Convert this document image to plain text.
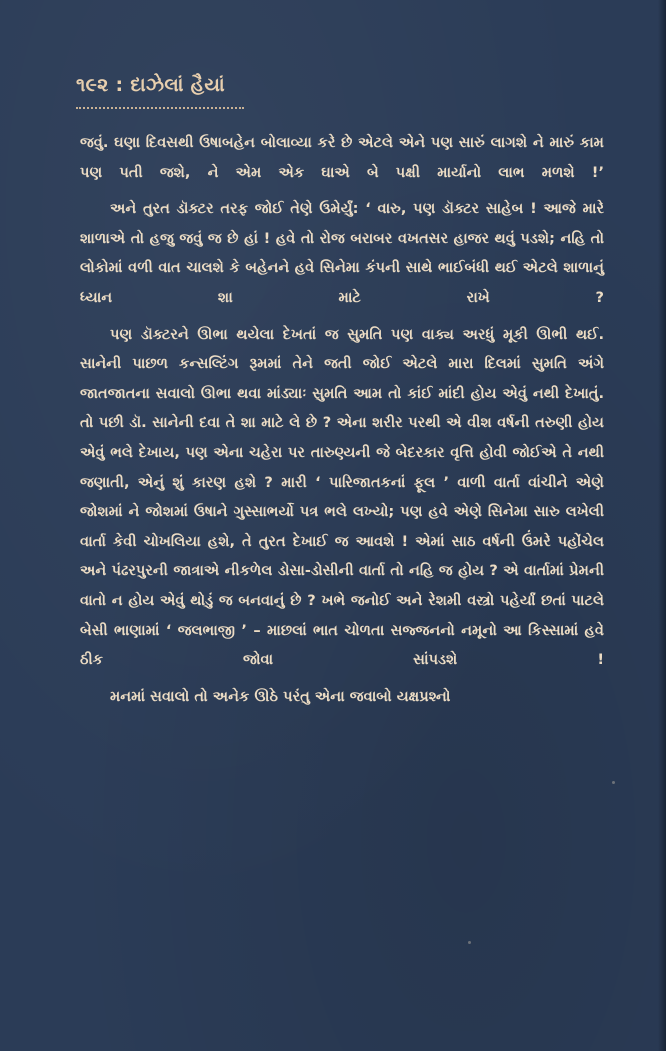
૧૯૨ : દાઝેલાં હૈયાં

જવું. ઘણા દિવસથી ઉષાબહેન બોલાવ્યા કરે છે એટલે એને પણ સારું લાગશે ને મારું કામ પણ પતી જશે, ને એમ એક ઘાએ બે પક્ષી માર્યાનો લાભ મળશે !’

અને તુરત ડૉક્ટર તરફ જોઈ તેણે ઉમેર્યું: ‘ વારુ, પણ ડૉક્ટર સાહેબ ! આજે મારે શાળાએ તો હજુ જવું જ છે હાં ! હવે તો રોજ બરાબર વખતસર હાજર થવું પડશે; નહિ તો લોકોમાં વળી વાત ચાલશે કે બહેનને હવે સિનેમા કંપની સાથે ભાઈબંધી થઈ એટલે શાળાનું ધ્યાન શા માટે રાખે ?

પણ ડૉક્ટરને ઊભા થયેલા દેખતાં જ સુમતિ પણ વાક્ય અરધું મૂકી ઊભી થઈ. સાનેની પાછળ કન્સલ્ટિંગ રૂમમાં તેને જતી જોઈ એટલે મારા દિલમાં સુમતિ અંગે જાતજાતના સવાલો ઊભા થવા માંડ્યાઃ સુમતિ આમ તો કાંઈ માંદી હોય એવું નથી દેખાતું. તો પછી ડૉ. સાનેની દવા તે શા માટે લે છે ? એના શરીર પરથી એ વીશ વર્ષની તરુણી હોય એવું ભલે દેખાય, પણ એના ચહેરા પર તારુણ્યની જે બેદરકાર વૃત્તિ હોવી જોઈએ તે નથી જણાતી, એનું શું કારણ હશે ? મારી ‘ પારિજાતકનાં ફૂલ ’ વાળી વાર્તા વાંચીને એણે જોશમાં ને જોશમાં ઉષાને ગુસ્સાભર્યો પત્ર ભલે લખ્યો; પણ હવે એણે સિનેમા સારુ લખેલી વાર્તા કેવી ચોખલિયા હશે, તે તુરત દેખાઈ જ આવશે ! એમાં સાઠ વર્ષની ઉંમરે પહોંચેલ અને પંઢરપુરની જાત્રાએ નીકળેલ ડોસા-ડોસીની વાર્તા તો નહિ જ હોય ? એ વાર્તામાં પ્રેમની વાતો ન હોય એવું થોડું જ બનવાનું છે ? ખભે જનોઈ અને રેશમી વસ્ત્રો પહેર્યાં છતાં પાટલે બેસી ભાણામાં ‘ જલભાજી ’ – માછલાં ભાત ચોળતા સજ્જનનો નમૂનો આ કિસ્સામાં હવે ઠીક જોવા સાંપડશે !

મનમાં સવાલો તો અનેક ઊઠે પરંતુ એના જવાબો યક્ષપ્રશ્નો
